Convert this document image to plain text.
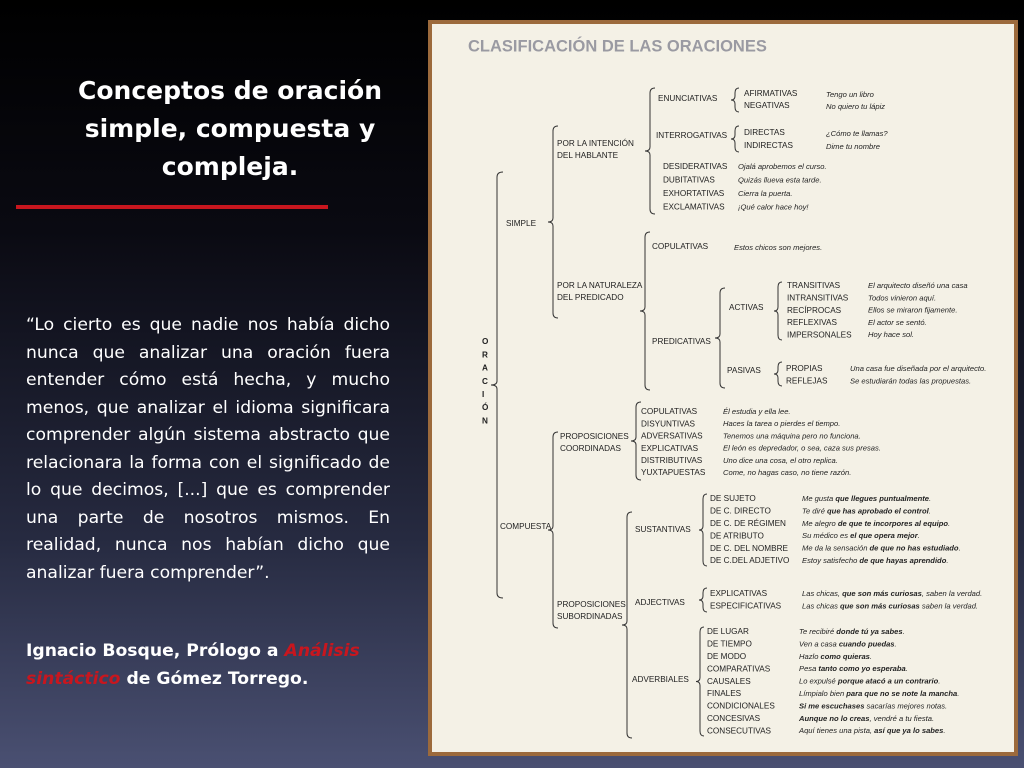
Conceptos de oración
simple, compuesta y
compleja.

“Lo cierto es que nadie nos había dicho nunca que analizar una oración fuera entender cómo está hecha, y mucho menos, que analizar el idioma significara comprender algún sistema abstracto que relacionara la forma con el significado de lo que decimos, [...] que es comprender una parte de nosotros mismos. En realidad, nunca nos habían dicho que analizar fuera comprender”.

Ignacio Bosque, Prólogo a Análisis sintáctico de Gómez Torrego.

CLASIFICACIÓN DE LAS ORACIONES
O
R
A
C
I
Ó
N
SIMPLE
POR LA INTENCIÓN
DEL HABLANTE
ENUNCIATIVAS
AFIRMATIVAS	Tengo un libro
NEGATIVAS	No quiero tu lápiz
INTERROGATIVAS DIRECTAS	¿Cómo te llamas?
INDIRECTAS	Dime tu nombre
DESIDERATIVAS Ojalá aprobemos el curso.
DUBITATIVAS	Quizás llueva esta tarde.
EXHORTATIVAS Cierra la puerta.
EXCLAMATIVAS ¡Qué calor hace hoy!
POR LA NATURALEZA
DEL PREDICADO
COPULATIVAS	Estos chicos son mejores.
PREDICATIVAS
ACTIVAS
TRANSITIVAS	El arquitecto diseñó una casa
INTRANSITIVAS	Todos vinieron aquí.
RECÍPROCAS	Ellos se miraron fijamente.
REFLEXIVAS	El actor se sentó.
IMPERSONALES Hoy hace sol.
PASIVAS	PROPIAS	Una casa fue diseñada por el arquitecto.
REFLEJAS	Se estudiarán todas las propuestas.
COMPUESTA
PROPOSICIONES
COORDINADAS
COPULATIVAS	Él estudia y ella lee.
DISYUNTIVAS	Haces la tarea o pierdes el tiempo.
ADVERSATIVAS	Tenemos una máquina pero no funciona.
EXPLICATIVAS	El león es depredador, o sea, caza sus presas.
DISTRIBUTIVAS	Uno dice una cosa, el otro replica.
YUXTAPUESTAS Come, no hagas caso, no tiene razón.
PROPOSICIONES
SUBORDINADAS
SUSTANTIVAS
DE SUJETO	Me gusta que llegues puntualmente.
DE C. DIRECTO	Te diré que has aprobado el control.
DE C. DE RÉGIMEN Me alegro de que te incorpores al equipo.
DE ATRIBUTO	Su médico es el que opera mejor.
DE C. DEL NOMBRE Me da la sensación de que no has estudiado.
DE C.DEL ADJETIVO Estoy satisfecho de que hayas aprendido.
ADJECTIVAS
EXPLICATIVAS	Las chicas, que son más curiosas, saben la verdad.
ESPECIFICATIVAS	Las chicas que son más curiosas saben la verdad.
ADVERBIALES
DE LUGAR	Te recibiré donde tú ya sabes.
DE TIEMPO	Ven a casa cuando puedas.
DE MODO	Hazlo como quieras.
COMPARATIVAS	Pesa tanto como yo esperaba.
CAUSALES	Lo expulsé porque atacó a un contrario.
FINALES	Límpialo bien para que no se note la mancha.
CONDICIONALES	Si me escuchases sacarías mejores notas.
CONCESIVAS	Aunque no lo creas, vendré a tu fiesta.
CONSECUTIVAS	Aquí tienes una pista, así que ya lo sabes.
